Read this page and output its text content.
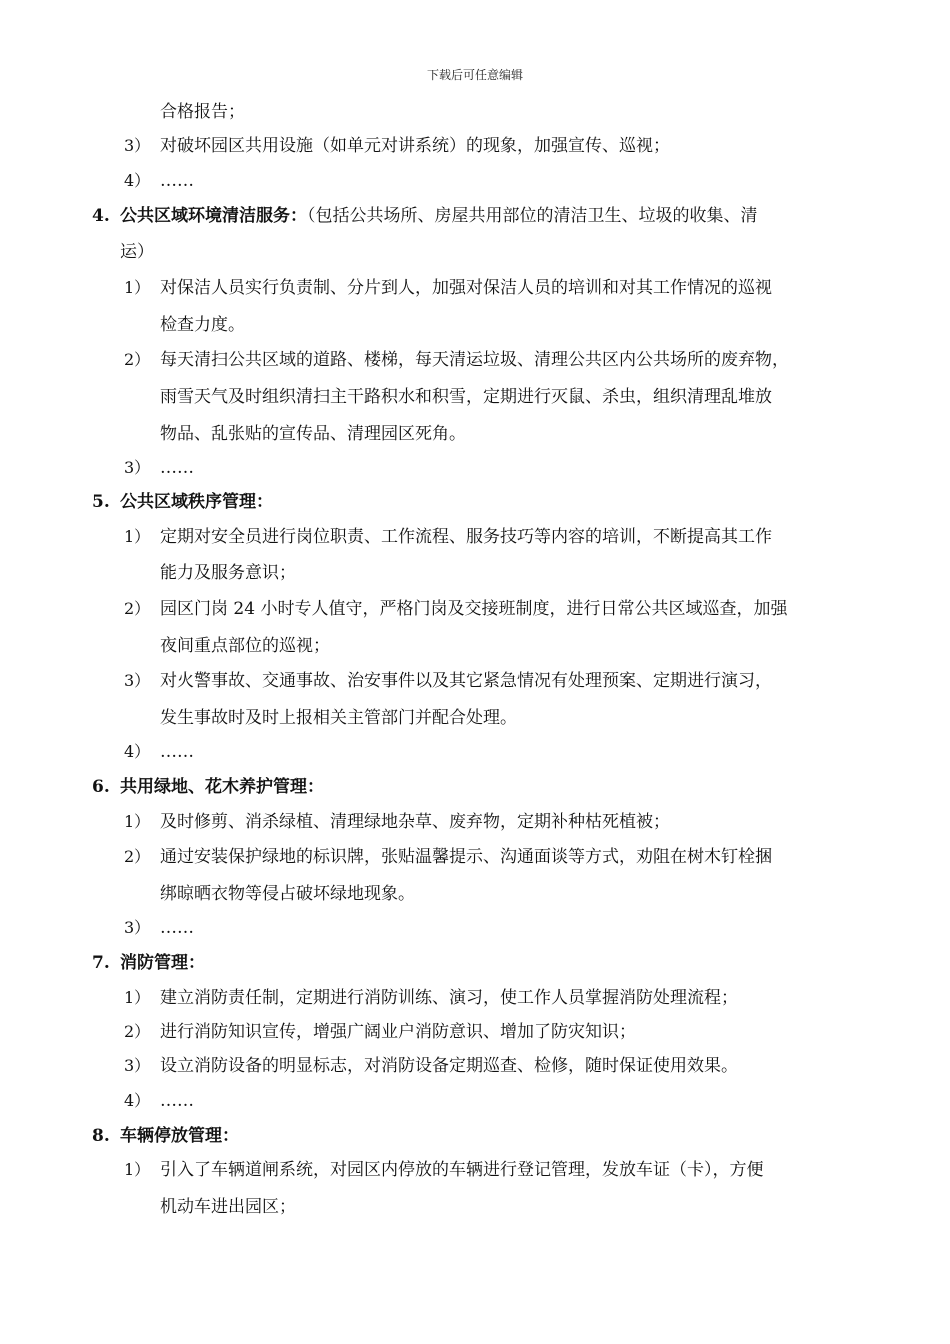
下载后可任意编辑
合格报告；
3） 对破坏园区共用设施（如单元对讲系统）的现象，加强宣传、巡视；
4） ……
4. 公共区域环境清洁服务：（包括公共场所、房屋共用部位的清洁卫生、垃圾的收集、清
运）
1） 对保洁人员实行负责制、分片到人，加强对保洁人员的培训和对其工作情况的巡视
检查力度。
2） 每天清扫公共区域的道路、楼梯，每天清运垃圾、清理公共区内公共场所的废弃物，
雨雪天气及时组织清扫主干路积水和积雪，定期进行灭鼠、杀虫，组织清理乱堆放
物品、乱张贴的宣传品、清理园区死角。
3） ……
5. 公共区域秩序管理：
1） 定期对安全员进行岗位职责、工作流程、服务技巧等内容的培训，不断提高其工作
能力及服务意识；
2） 园区门岗 24 小时专人值守，严格门岗及交接班制度，进行日常公共区域巡查，加强
夜间重点部位的巡视；
3） 对火警事故、交通事故、治安事件以及其它紧急情况有处理预案、定期进行演习，
发生事故时及时上报相关主管部门并配合处理。
4） ……
6. 共用绿地、花木养护管理：
1） 及时修剪、消杀绿植、清理绿地杂草、废弃物，定期补种枯死植被；
2） 通过安装保护绿地的标识牌，张贴温馨提示、沟通面谈等方式，劝阻在树木钉栓捆
绑晾晒衣物等侵占破坏绿地现象。
3） ……
7. 消防管理：
1） 建立消防责任制，定期进行消防训练、演习，使工作人员掌握消防处理流程；
2） 进行消防知识宣传，增强广阔业户消防意识、增加了防灾知识；
3） 设立消防设备的明显标志，对消防设备定期巡查、检修，随时保证使用效果。
4） ……
8. 车辆停放管理：
1） 引入了车辆道闸系统，对园区内停放的车辆进行登记管理，发放车证（卡），方便
机动车进出园区；
